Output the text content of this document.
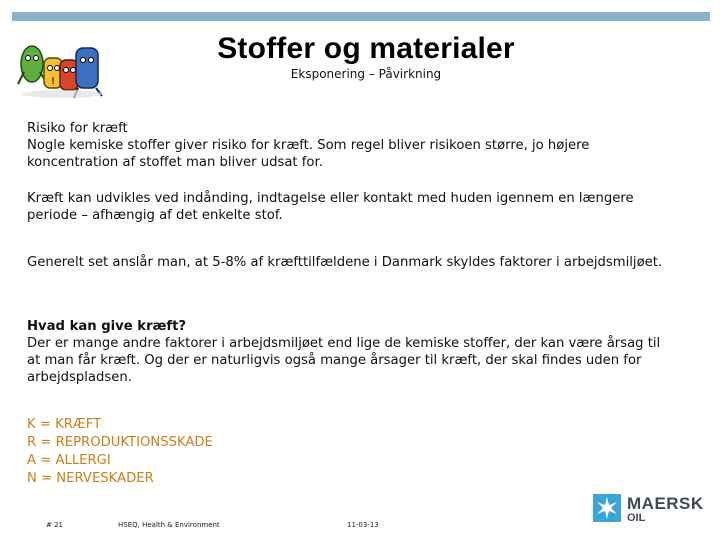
!
Stoffer og materialer
Eksponering – Påvirkning

Risiko for kræft

Nogle kemiske stoffer giver risiko for kræft. Som regel bliver risikoen større, jo højere koncentration af stoffet man bliver udsat for.

Kræft kan udvikles ved indånding, indtagelse eller kontakt med huden igennem en længere periode – afhængig af det enkelte stof.

Generelt set anslår man, at 5-8% af kræfttilfældene i Danmark skyldes faktorer i arbejdsmiljøet.

Hvad kan give kræft?

Der er mange andre faktorer i arbejdsmiljøet end lige de kemiske stoffer, der kan være årsag til at man får kræft. Og der er naturligvis også mange årsager til kræft, der skal findes uden for arbejdspladsen.

K = KRÆFT
R = REPRODUKTIONSSKADE
A = ALLERGI
N = NERVESKADER
# 21	HSEQ, Health & Environment	11-03-13
MAERSK
OIL
